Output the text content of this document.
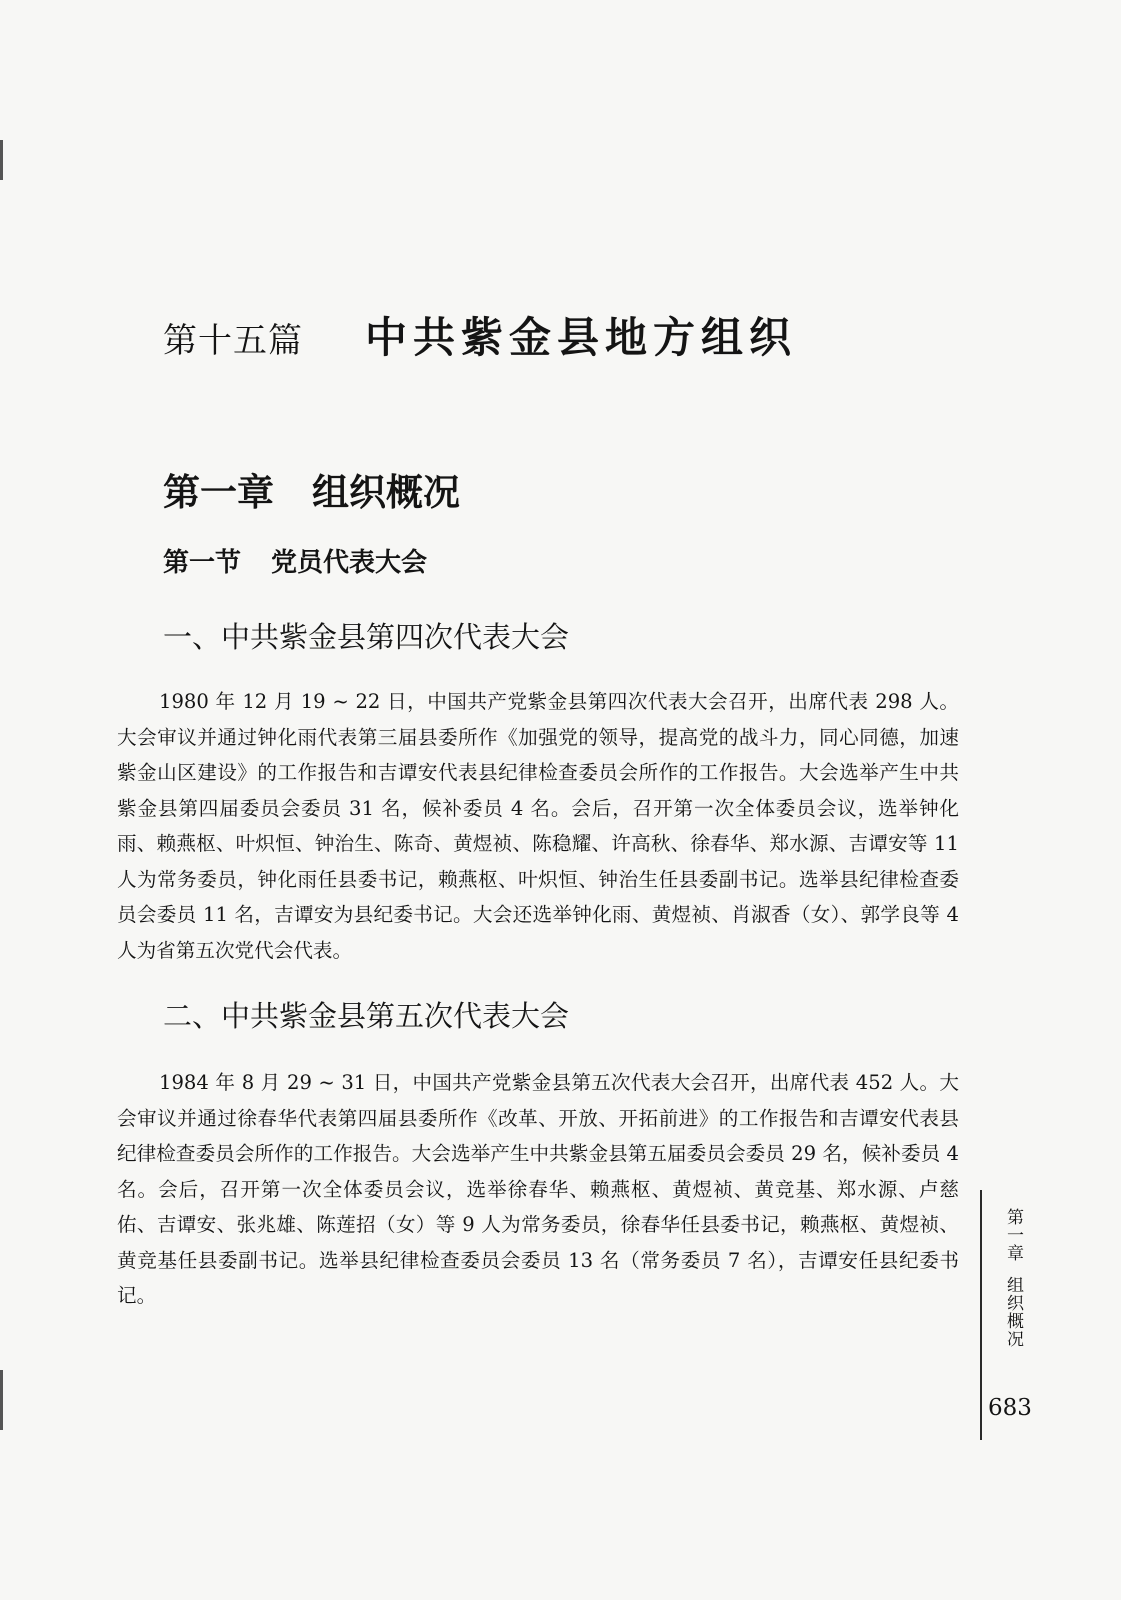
第十五篇 中共紫金县地方组织
第一章 组织概况
第一节 党员代表大会
一、中共紫金县第四次代表大会

1980 年 12 月 19 ~ 22 日，中国共产党紫金县第四次代表大会召开，出席代表 298 人。大会审议并通过钟化雨代表第三届县委所作《加强党的领导，提高党的战斗力，同心同德，加速紫金山区建设》的工作报告和吉谭安代表县纪律检查委员会所作的工作报告。大会选举产生中共紫金县第四届委员会委员 31 名，候补委员 4 名。会后，召开第一次全体委员会议，选举钟化雨、赖燕枢、叶炽恒、钟治生、陈奇、黄煜祯、陈稳耀、许高秋、徐春华、郑水源、吉谭安等 11 人为常务委员，钟化雨任县委书记，赖燕枢、叶炽恒、钟治生任县委副书记。选举县纪律检查委员会委员 11 名，吉谭安为县纪委书记。大会还选举钟化雨、黄煜祯、肖淑香（女）、郭学良等 4 人为省第五次党代会代表。

二、中共紫金县第五次代表大会

1984 年 8 月 29 ~ 31 日，中国共产党紫金县第五次代表大会召开，出席代表 452 人。大会审议并通过徐春华代表第四届县委所作《改革、开放、开拓前进》的工作报告和吉谭安代表县纪律检查委员会所作的工作报告。大会选举产生中共紫金县第五届委员会委员 29 名，候补委员 4 名。会后，召开第一次全体委员会议，选举徐春华、赖燕枢、黄煜祯、黄竞基、郑水源、卢慈佑、吉谭安、张兆雄、陈莲招（女）等 9 人为常务委员，徐春华任县委书记，赖燕枢、黄煜祯、黄竞基任县委副书记。选举县纪律检查委员会委员 13 名（常务委员 7 名），吉谭安任县纪委书记。

第一章组织概况
683
